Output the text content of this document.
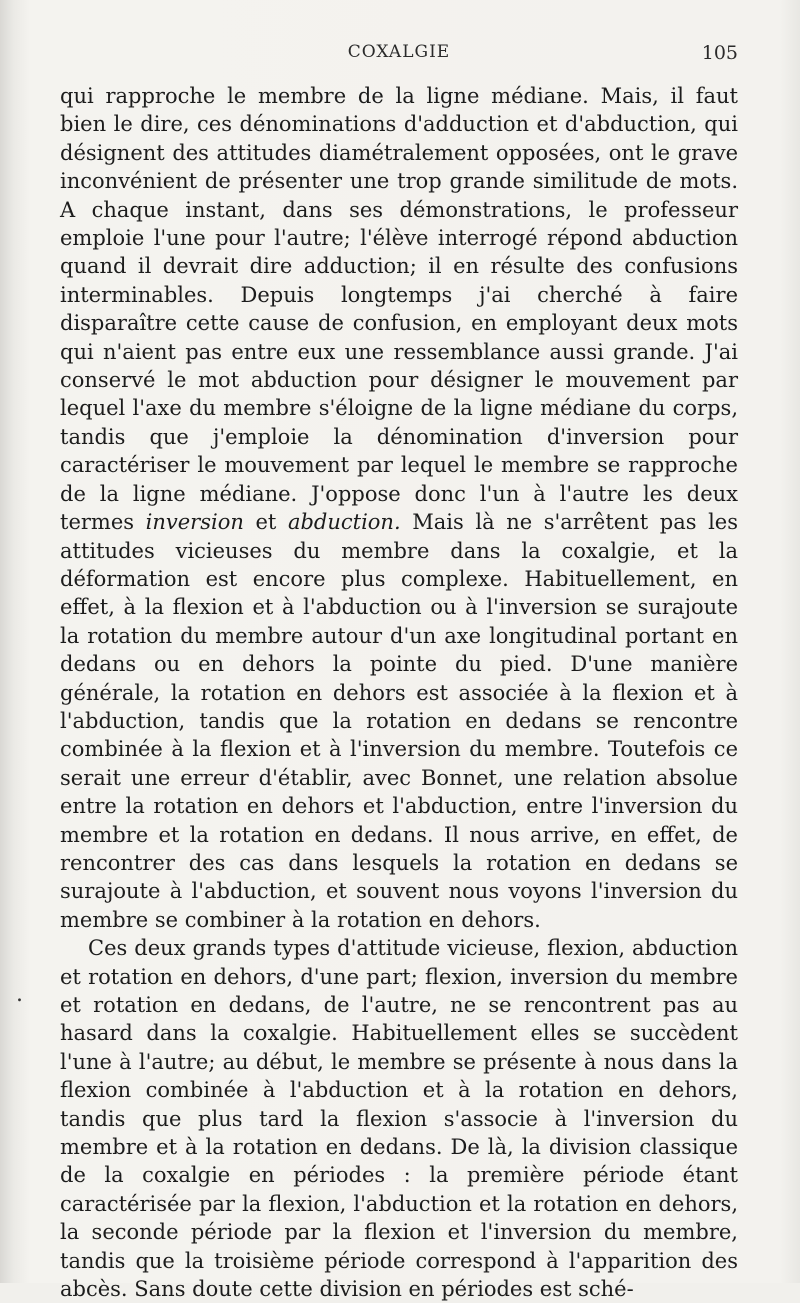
COXALGIE	105

qui rapproche le membre de la ligne médiane. Mais, il faut bien le dire, ces dénominations d'adduction et d'abduction, qui désignent des attitudes diamétralement opposées, ont le grave inconvénient de présenter une trop grande similitude de mots. A chaque instant, dans ses démonstrations, le professeur emploie l'une pour l'autre; l'élève interrogé répond abduction quand il devrait dire adduction; il en résulte des confusions interminables. Depuis longtemps j'ai cherché à faire disparaître cette cause de confusion, en employant deux mots qui n'aient pas entre eux une ressemblance aussi grande. J'ai conservé le mot abduction pour désigner le mouvement par lequel l'axe du membre s'éloigne de la ligne médiane du corps, tandis que j'emploie la dénomination d'inversion pour caractériser le mouvement par lequel le membre se rapproche de la ligne médiane. J'oppose donc l'un à l'autre les deux termes inversion et abduction. Mais là ne s'arrêtent pas les attitudes vicieuses du membre dans la coxalgie, et la déformation est encore plus complexe. Habituellement, en effet, à la flexion et à l'abduction ou à l'inversion se surajoute la rotation du membre autour d'un axe longitudinal portant en dedans ou en dehors la pointe du pied. D'une manière générale, la rotation en dehors est associée à la flexion et à l'abduction, tandis que la rotation en dedans se rencontre combinée à la flexion et à l'inversion du membre. Toutefois ce serait une erreur d'établir, avec Bonnet, une relation absolue entre la rotation en dehors et l'abduction, entre l'inversion du membre et la rotation en dedans. Il nous arrive, en effet, de rencontrer des cas dans lesquels la rotation en dedans se surajoute à l'abduction, et souvent nous voyons l'inversion du membre se combiner à la rotation en dehors.

Ces deux grands types d'attitude vicieuse, flexion, abduction et rotation en dehors, d'une part; flexion, inversion du membre et rotation en dedans, de l'autre, ne se rencontrent pas au hasard dans la coxalgie. Habituellement elles se succèdent l'une à l'autre; au début, le membre se présente à nous dans la flexion combinée à l'abduction et à la rotation en dehors, tandis que plus tard la flexion s'associe à l'inversion du membre et à la rotation en dedans. De là, la division classique de la coxalgie en périodes : la première période étant caractérisée par la flexion, l'abduction et la rotation en dehors, la seconde période par la flexion et l'inversion du membre, tandis que la troisième période correspond à l'apparition des abcès. Sans doute cette division en périodes est sché-

.
